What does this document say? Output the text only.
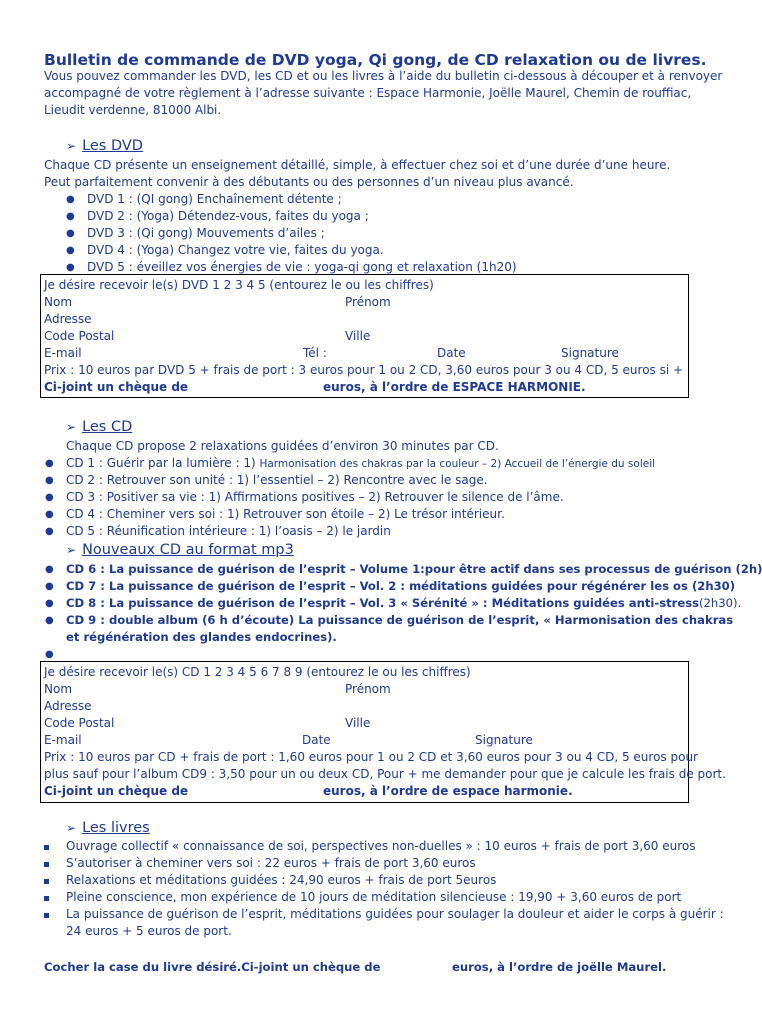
Bulletin de commande de DVD yoga, Qi gong, de CD relaxation ou de livres.
Vous pouvez commander les DVD, les CD et ou les livres à l’aide du bulletin ci-dessous à découper et à renvoyer
accompagné de votre règlement à l’adresse suivante : Espace Harmonie, Joëlle Maurel, Chemin de rouffiac,
Lieudit verdenne, 81000 Albi.
➢ Les DVD
Chaque CD présente un enseignement détaillé, simple, à effectuer chez soi et d’une durée d’une heure.
Peut parfaitement convenir à des débutants ou des personnes d’un niveau plus avancé.
● DVD 1 : (QI gong) Enchaînement détente ;
● DVD 2 : (Yoga) Détendez-vous, faites du yoga ;
● DVD 3 : (Qi gong) Mouvements d’ailes ;
● DVD 4 : (Yoga) Changez votre vie, faites du yoga.
● DVD 5 : éveillez vos énergies de vie : yoga-qi gong et relaxation (1h20)
Je désire recevoir le(s) DVD 1 2 3 4 5 (entourez le ou les chiffres)
Nom	Prénom
Adresse
Code Postal	Ville
E-mail	Tél :	Date	Signature
Prix : 10 euros par DVD 5 + frais de port : 3 euros pour 1 ou 2 CD, 3,60 euros pour 3 ou 4 CD, 5 euros si +
Ci-joint un chèque de	euros, à l’ordre de ESPACE HARMONIE.
➢ Les CD
Chaque CD propose 2 relaxations guidées d’environ 30 minutes par CD.
● CD 1 : Guérir par la lumière : 1) Harmonisation des chakras par la couleur – 2) Accueil de l’énergie du soleil
● CD 2 : Retrouver son unité : 1) l’essentiel – 2) Rencontre avec le sage.
● CD 3 : Positiver sa vie : 1) Affirmations positives – 2) Retrouver le silence de l’âme.
● CD 4 : Cheminer vers soi : 1) Retrouver son étoile – 2) Le trésor intérieur.
● CD 5 : Réunification intérieure : 1) l’oasis – 2) le jardin
➢ Nouveaux CD au format mp3
● CD 6 : La puissance de guérison de l’esprit – Volume 1:pour être actif dans ses processus de guérison (2h)
● CD 7 : La puissance de guérison de l’esprit – Vol. 2 : méditations guidées pour régénérer les os (2h30)
● CD 8 : La puissance de guérison de l’esprit – Vol. 3 « Sérénité » : Méditations guidées anti-stress(2h30).
● CD 9 : double album (6 h d’écoute) La puissance de guérison de l’esprit, « Harmonisation des chakras
et régénération des glandes endocrines).
●
Je désire recevoir le(s) CD 1 2 3 4 5 6 7 8 9 (entourez le ou les chiffres)
Nom	Prénom
Adresse
Code Postal	Ville
E-mail	Date	Signature
Prix : 10 euros par CD + frais de port : 1,60 euros pour 1 ou 2 CD et 3,60 euros pour 3 ou 4 CD, 5 euros pour
plus sauf pour l’album CD9 : 3,50 pour un ou deux CD, Pour + me demander pour que je calcule les frais de port.
Ci-joint un chèque de	euros, à l’ordre de espace harmonie.
➢ Les livres
Ouvrage collectif « connaissance de soi, perspectives non-duelles » : 10 euros + frais de port 3,60 euros
S’autoriser à cheminer vers soi : 22 euros + frais de port 3,60 euros
Relaxations et méditations guidées : 24,90 euros + frais de port 5euros
Pleine conscience, mon expérience de 10 jours de méditation silencieuse : 19,90 + 3,60 euros de port
La puissance de guérison de l’esprit, méditations guidées pour soulager la douleur et aider le corps à guérir :
24 euros + 5 euros de port.
Cocher la case du livre désiré.Ci-joint un chèque de	euros, à l’ordre de joëlle Maurel.
